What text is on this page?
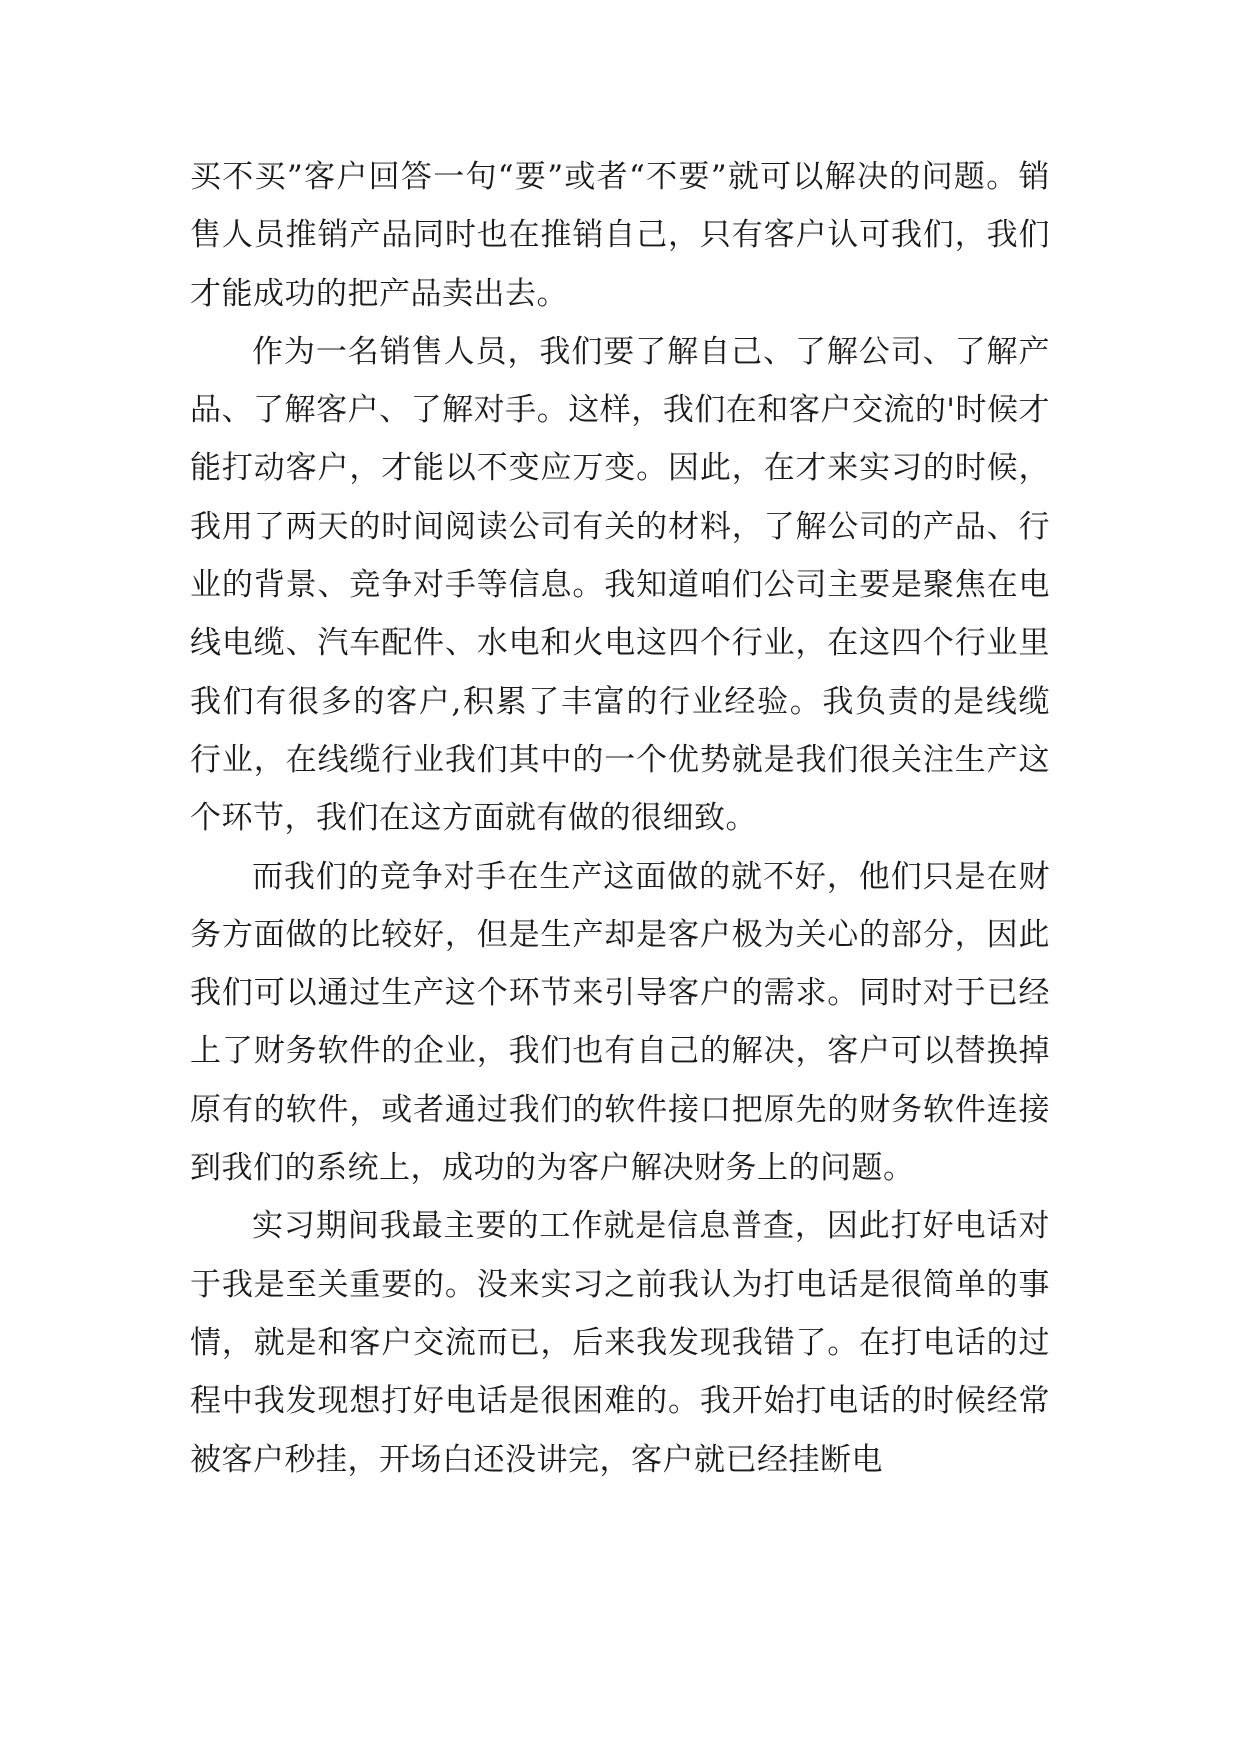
买不买”客户回答一句“要”或者“不要”就可以解决的问题。销售人员推销产品同时也在推销自己，只有客户认可我们，我们才能成功的把产品卖出去。

作为一名销售人员，我们要了解自己、了解公司、了解产品、了解客户、了解对手。这样，我们在和客户交流的'时候才能打动客户，才能以不变应万变。因此，在才来实习的时候，我用了两天的时间阅读公司有关的材料，了解公司的产品、行业的背景、竞争对手等信息。我知道咱们公司主要是聚焦在电线电缆、汽车配件、水电和火电这四个行业，在这四个行业里我们有很多的客户,积累了丰富的行业经验。我负责的是线缆行业，在线缆行业我们其中的一个优势就是我们很关注生产这个环节，我们在这方面就有做的很细致。

而我们的竞争对手在生产这面做的就不好，他们只是在财务方面做的比较好，但是生产却是客户极为关心的部分，因此我们可以通过生产这个环节来引导客户的需求。同时对于已经上了财务软件的企业，我们也有自己的解决，客户可以替换掉原有的软件，或者通过我们的软件接口把原先的财务软件连接到我们的系统上，成功的为客户解决财务上的问题。

实习期间我最主要的工作就是信息普查，因此打好电话对于我是至关重要的。没来实习之前我认为打电话是很简单的事情，就是和客户交流而已，后来我发现我错了。在打电话的过程中我发现想打好电话是很困难的。我开始打电话的时候经常被客户秒挂，开场白还没讲完，客户就已经挂断电
